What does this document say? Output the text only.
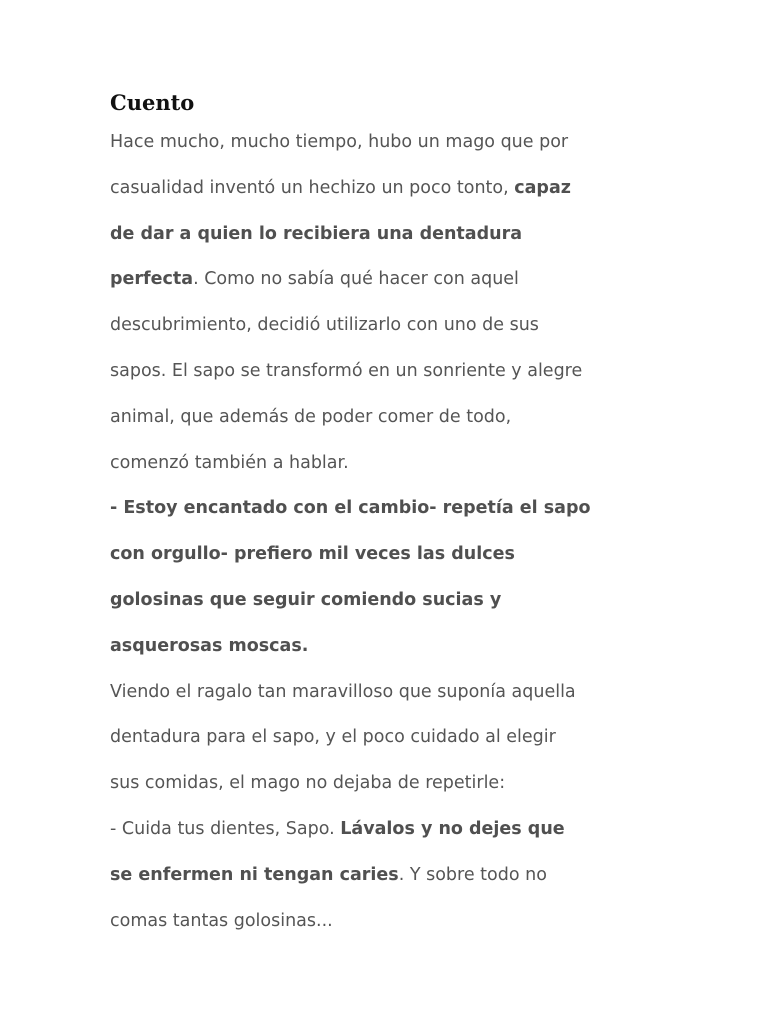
Cuento

Hace mucho, mucho tiempo, hubo un mago que por
casualidad inventó un hechizo un poco tonto, capaz
de dar a quien lo recibiera una dentadura
perfecta. Como no sabía qué hacer con aquel
descubrimiento, decidió utilizarlo con uno de sus
sapos. El sapo se transformó en un sonriente y alegre
animal, que además de poder comer de todo,
comenzó también a hablar.

- Estoy encantado con el cambio- repetía el sapo
con orgullo- prefiero mil veces las dulces
golosinas que seguir comiendo sucias y
asquerosas moscas.

Viendo el ragalo tan maravilloso que suponía aquella
dentadura para el sapo, y el poco cuidado al elegir
sus comidas, el mago no dejaba de repetirle:

- Cuida tus dientes, Sapo. Lávalos y no dejes que
se enfermen ni tengan caries. Y sobre todo no
comas tantas golosinas...
